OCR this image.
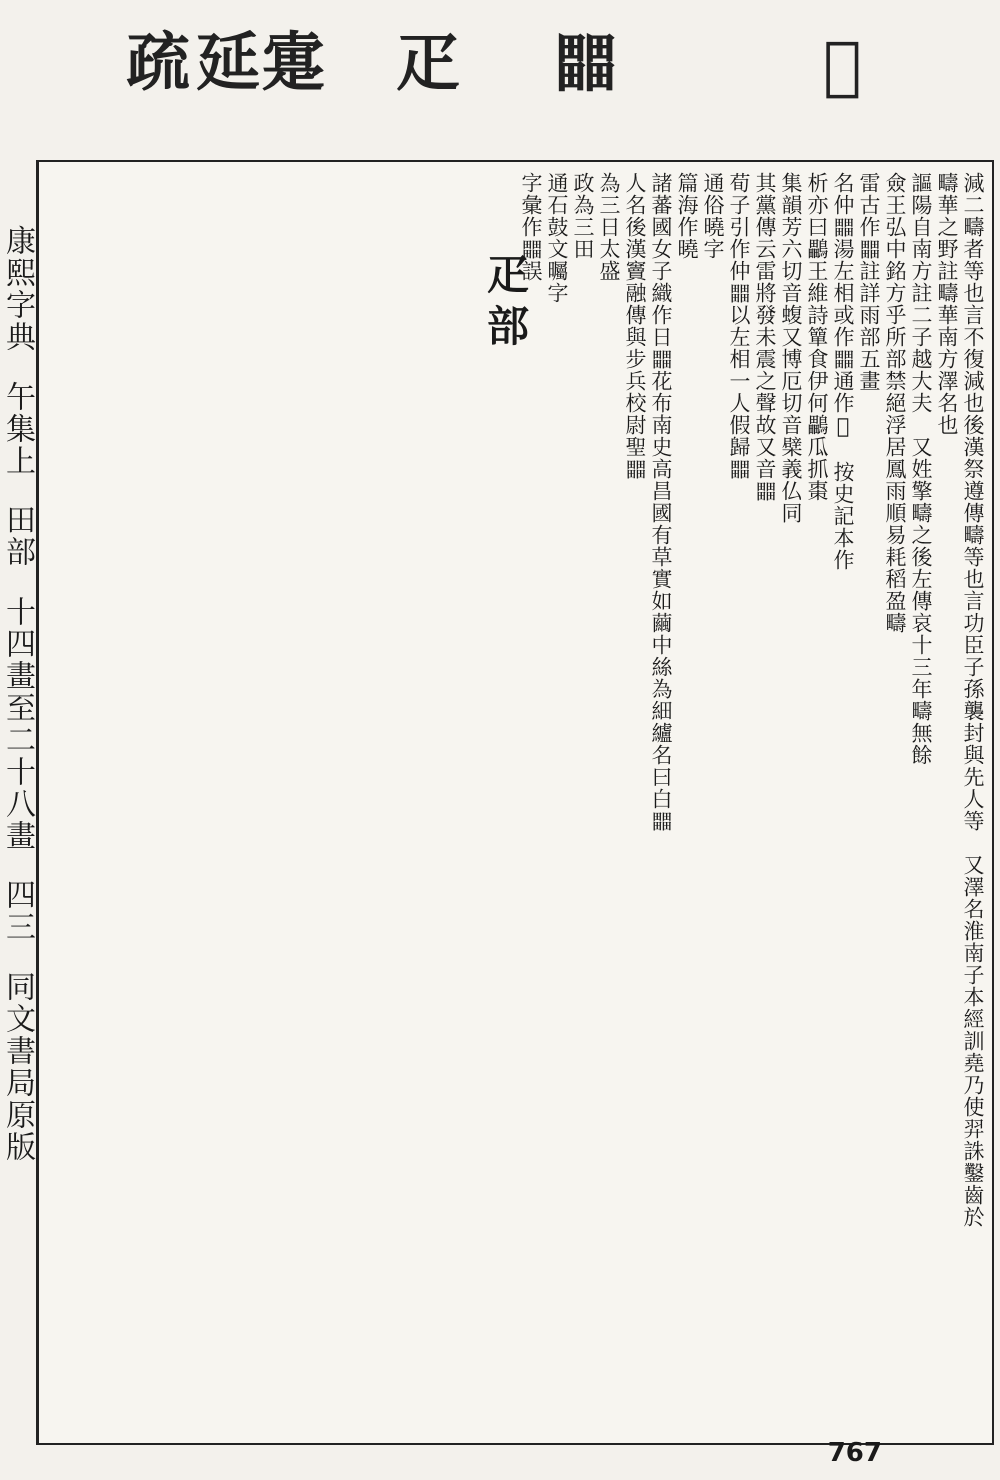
疏
延
疐 疋 𤳳	𤲏
康熙字典 午集上 田部 十四畫至二十八畫 四三 同文書局原版	減二疇者等也言不復減也後漢祭遵傳疇等也言功臣子孫襲封與先人等　又澤名淮南子本經訓堯乃使羿誅鑿齒於
疇華之野註疇華南方澤名也
謳陽自南方註二子越大夫　又姓擎疇之後左傳哀十三年疇無餘
僉王弘中銘方乎所部禁絕浮居鳳雨順易耗稻盈疇
雷古作𤳳註詳雨部五畫
名仲𤳳湯左相或作𤳳通作𨛜　按史記本作
析亦曰鸓王維詩簞食伊何鸓瓜抓棗
集韻芳六切音蝮又博厄切音檗義仏同
其黨傳云雷將發未震之聲故又音𤳳
荀子引作仲𤳳以左相一人假歸𤳳
通俗曉字
篇海作曉
諸蕃國女子織作日𤳳花布南史高昌國有草實如繭中絲為細纑名曰白𤳳
人名後漢竇融傳與步兵校尉聖𤳳
為三日太盛
政為三田
通石鼓文曯字
字彙作𤳳誤
疋部
767
